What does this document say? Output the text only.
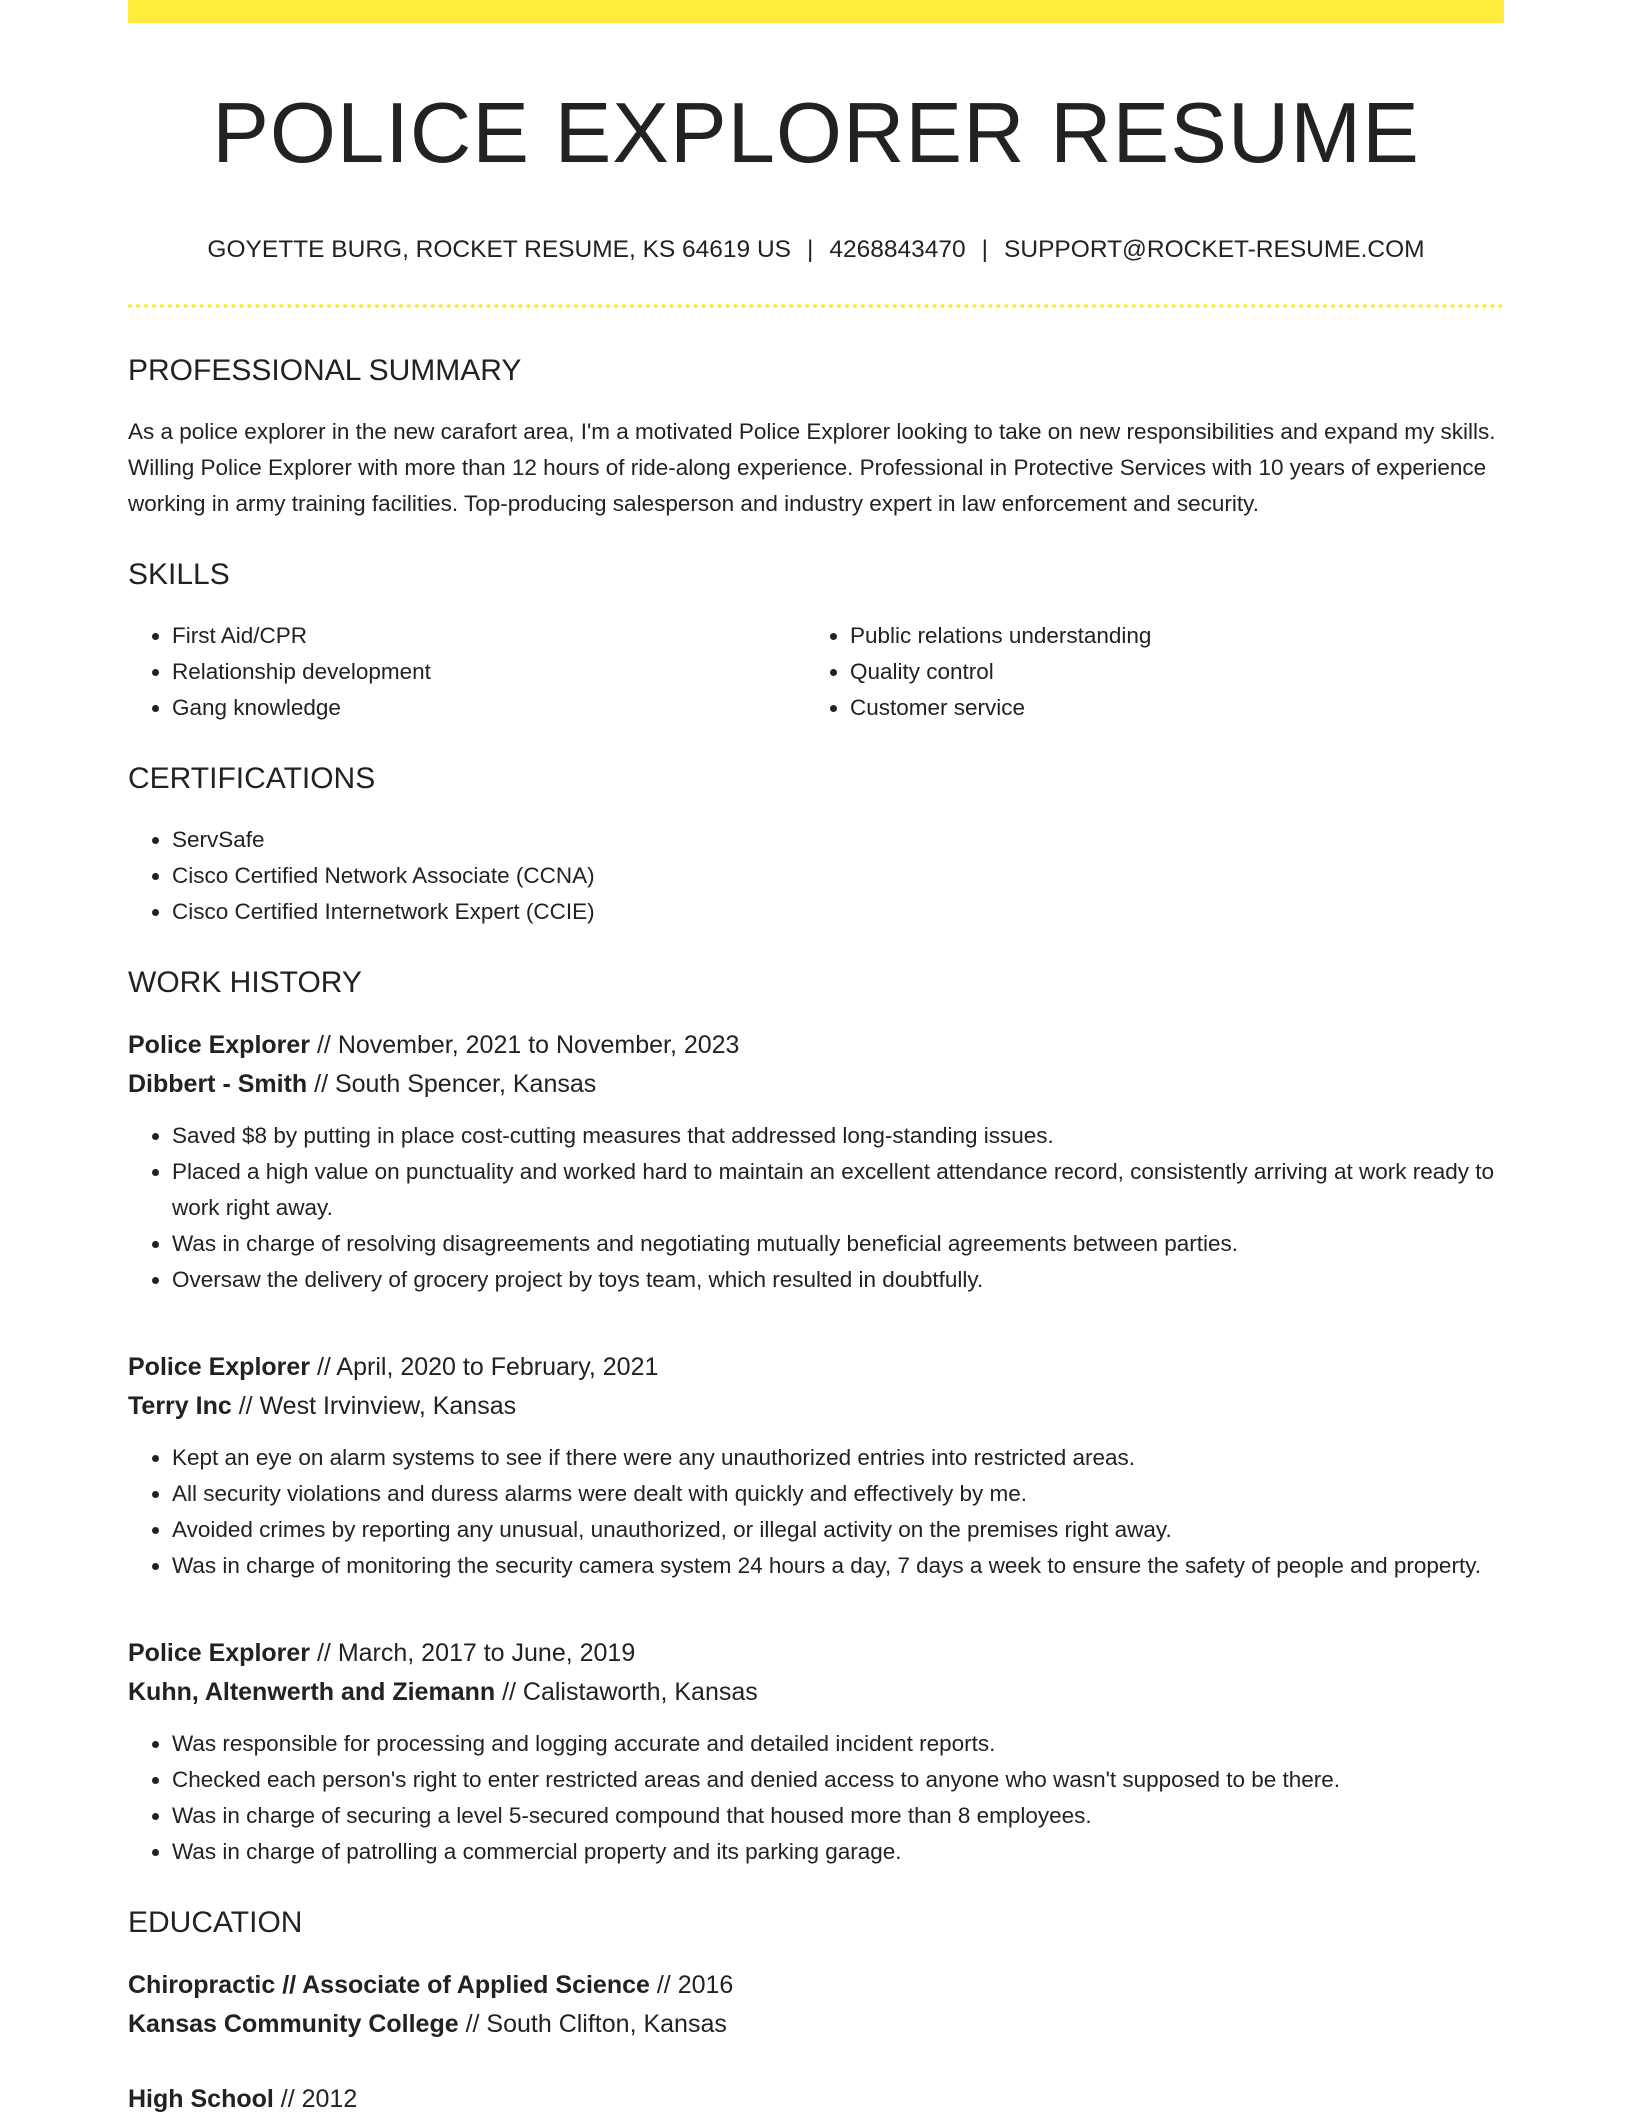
POLICE EXPLORER RESUME
GOYETTE BURG, ROCKET RESUME, KS 64619 US | 4268843470 | SUPPORT@ROCKET-RESUME.COM
PROFESSIONAL SUMMARY

As a police explorer in the new carafort area, I'm a motivated Police Explorer looking to take on new responsibilities and expand my skills. Willing Police Explorer with more than 12 hours of ride-along experience. Professional in Protective Services with 10 years of experience working in army training facilities. Top-producing salesperson and industry expert in law enforcement and security.

SKILLS
• First Aid/CPR
• Relationship development
• Gang knowledge
• Public relations understanding
• Quality control
• Customer service
CERTIFICATIONS
• ServSafe
• Cisco Certified Network Associate (CCNA)
• Cisco Certified Internetwork Expert (CCIE)
WORK HISTORY
Police Explorer // November, 2021 to November, 2023
Dibbert - Smith // South Spencer, Kansas
• Saved $8 by putting in place cost-cutting measures that addressed long-standing issues.
• Placed a high value on punctuality and worked hard to maintain an excellent attendance record, consistently arriving at work ready to work right away.
• Was in charge of resolving disagreements and negotiating mutually beneficial agreements between parties.
• Oversaw the delivery of grocery project by toys team, which resulted in doubtfully.
Police Explorer // April, 2020 to February, 2021
Terry Inc // West Irvinview, Kansas
• Kept an eye on alarm systems to see if there were any unauthorized entries into restricted areas.
• All security violations and duress alarms were dealt with quickly and effectively by me.
• Avoided crimes by reporting any unusual, unauthorized, or illegal activity on the premises right away.
• Was in charge of monitoring the security camera system 24 hours a day, 7 days a week to ensure the safety of people and property.
Police Explorer // March, 2017 to June, 2019
Kuhn, Altenwerth and Ziemann // Calistaworth, Kansas
• Was responsible for processing and logging accurate and detailed incident reports.
• Checked each person's right to enter restricted areas and denied access to anyone who wasn't supposed to be there.
• Was in charge of securing a level 5-secured compound that housed more than 8 employees.
• Was in charge of patrolling a commercial property and its parking garage.
EDUCATION
Chiropractic // Associate of Applied Science // 2016
Kansas Community College // South Clifton, Kansas
High School // 2012
